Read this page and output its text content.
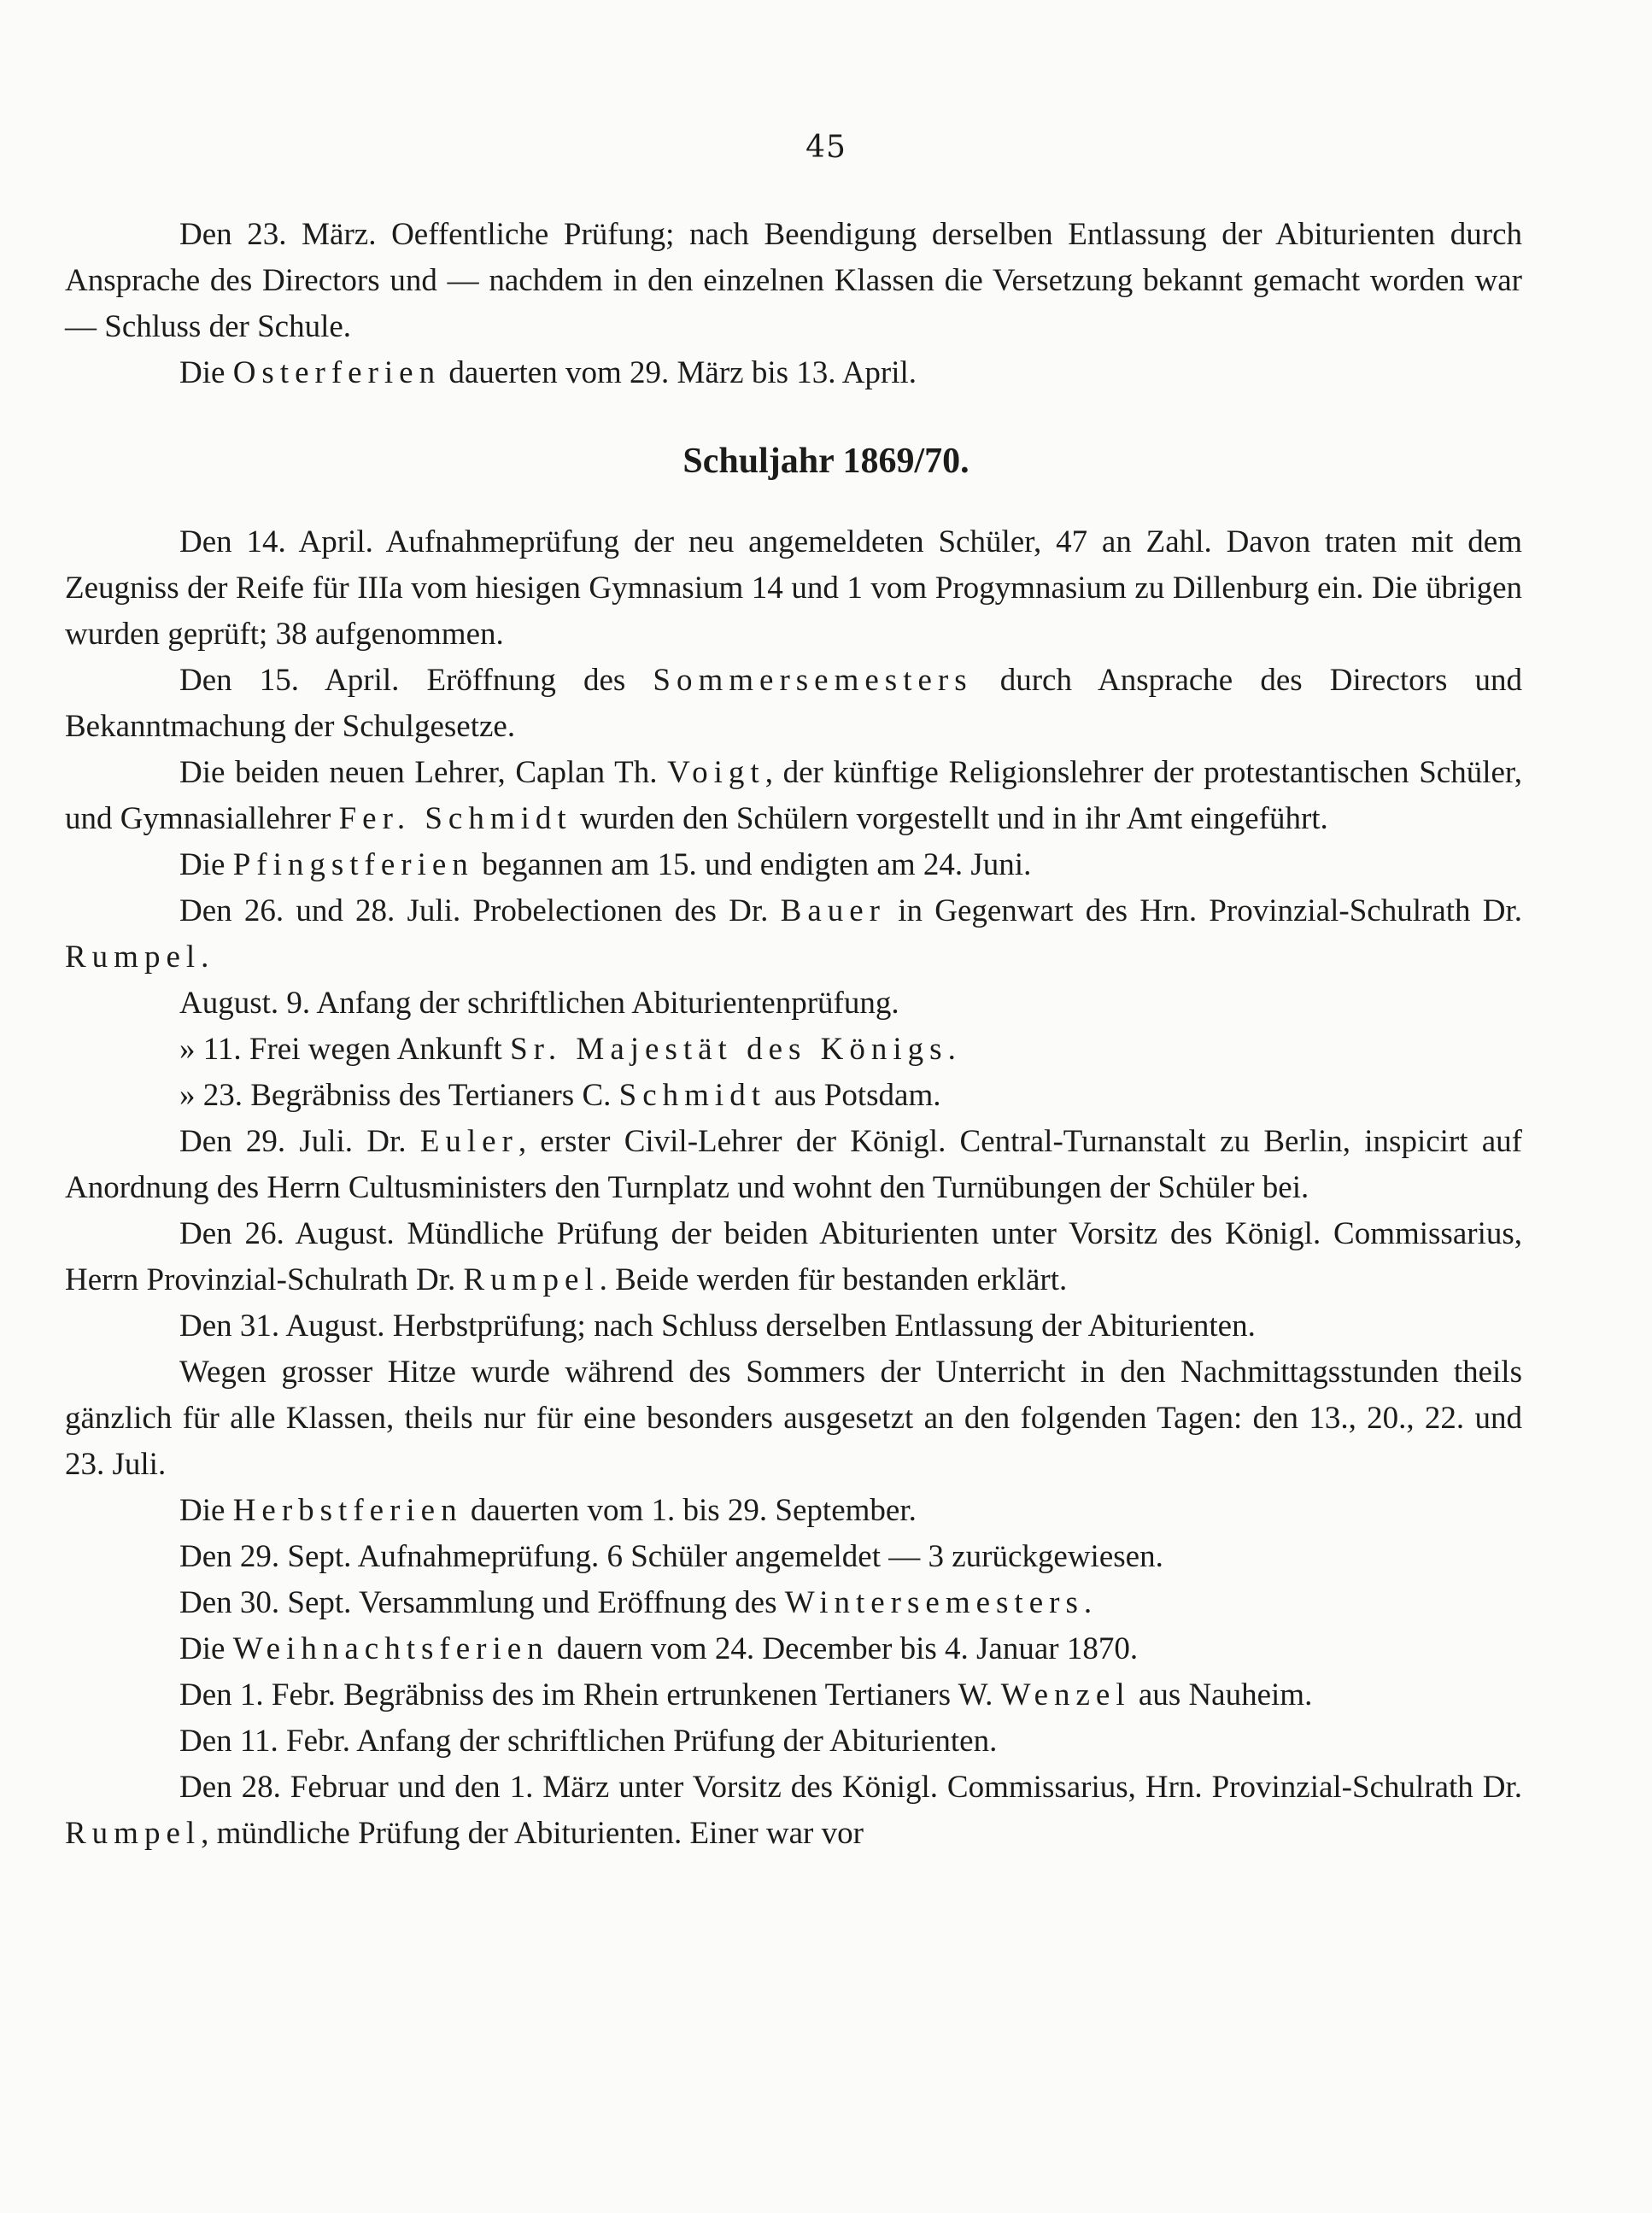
45

Den 23. März. Oeffentliche Prüfung; nach Beendigung derselben Entlassung der Abiturienten durch Ansprache des Directors und — nachdem in den einzelnen Klassen die Versetzung bekannt gemacht worden war — Schluss der Schule.

Die Osterferien dauerten vom 29. März bis 13. April.

Schuljahr 1869/70.

Den 14. April. Aufnahmeprüfung der neu angemeldeten Schüler, 47 an Zahl. Davon traten mit dem Zeugniss der Reife für IIIa vom hiesigen Gymnasium 14 und 1 vom Progymnasium zu Dillenburg ein. Die übrigen wurden geprüft; 38 aufgenommen.

Den 15. April. Eröffnung des Sommersemesters durch Ansprache des Directors und Bekanntmachung der Schulgesetze.

Die beiden neuen Lehrer, Caplan Th. Voigt, der künftige Religionslehrer der protestantischen Schüler, und Gymnasiallehrer Fer. Schmidt wurden den Schülern vorgestellt und in ihr Amt eingeführt.

Die Pfingstferien begannen am 15. und endigten am 24. Juni.

Den 26. und 28. Juli. Probelectionen des Dr. Bauer in Gegenwart des Hrn. Provinzial-Schulrath Dr. Rumpel.

August. 9. Anfang der schriftlichen Abiturientenprüfung.

» 11. Frei wegen Ankunft Sr. Majestät des Königs.

» 23. Begräbniss des Tertianers C. Schmidt aus Potsdam.

Den 29. Juli. Dr. Euler, erster Civil-Lehrer der Königl. Central-Turnanstalt zu Berlin, inspicirt auf Anordnung des Herrn Cultusministers den Turnplatz und wohnt den Turnübungen der Schüler bei.

Den 26. August. Mündliche Prüfung der beiden Abiturienten unter Vorsitz des Königl. Commissarius, Herrn Provinzial-Schulrath Dr. Rumpel. Beide werden für bestanden erklärt.

Den 31. August. Herbstprüfung; nach Schluss derselben Entlassung der Abiturienten.

Wegen grosser Hitze wurde während des Sommers der Unterricht in den Nachmittagsstunden theils gänzlich für alle Klassen, theils nur für eine besonders ausgesetzt an den folgenden Tagen: den 13., 20., 22. und 23. Juli.

Die Herbstferien dauerten vom 1. bis 29. September.

Den 29. Sept. Aufnahmeprüfung. 6 Schüler angemeldet — 3 zurückgewiesen.

Den 30. Sept. Versammlung und Eröffnung des Wintersemesters.

Die Weihnachtsferien dauern vom 24. December bis 4. Januar 1870.

Den 1. Febr. Begräbniss des im Rhein ertrunkenen Tertianers W. Wenzel aus Nauheim.

Den 11. Febr. Anfang der schriftlichen Prüfung der Abiturienten.

Den 28. Februar und den 1. März unter Vorsitz des Königl. Commissarius, Hrn. Provinzial-Schulrath Dr. Rumpel, mündliche Prüfung der Abiturienten. Einer war vor
